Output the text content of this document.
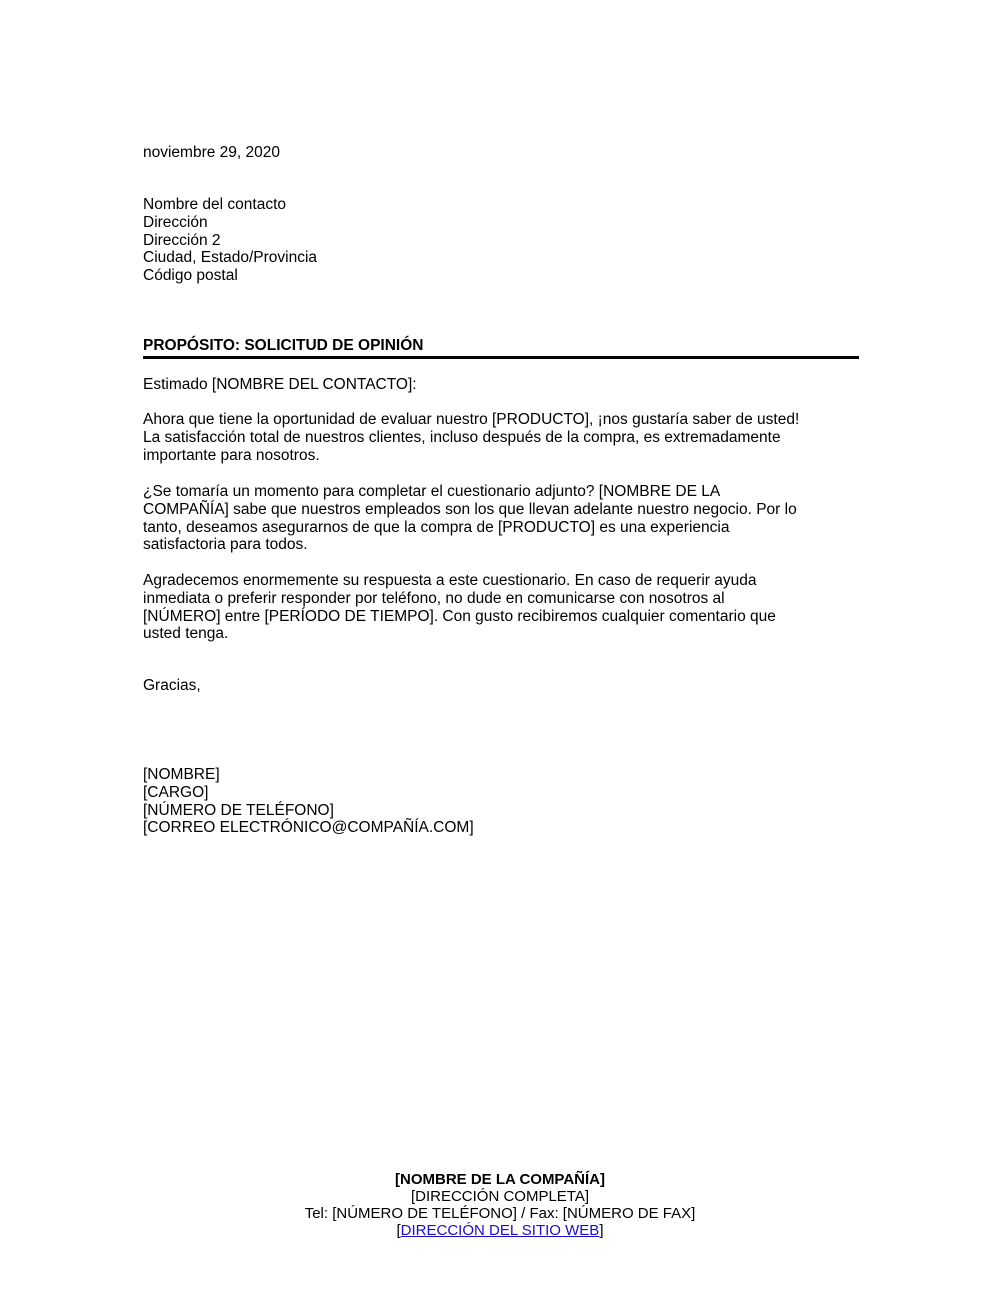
noviembre 29, 2020
Nombre del contacto
Dirección
Dirección 2
Ciudad, Estado/Provincia
Código postal
PROPÓSITO: SOLICITUD DE OPINIÓN
Estimado [NOMBRE DEL CONTACTO]:
Ahora que tiene la oportunidad de evaluar nuestro [PRODUCTO], ¡nos gustaría saber de usted!
La satisfacción total de nuestros clientes, incluso después de la compra, es extremadamente
importante para nosotros.
¿Se tomaría un momento para completar el cuestionario adjunto? [NOMBRE DE LA
COMPAÑÍA] sabe que nuestros empleados son los que llevan adelante nuestro negocio. Por lo
tanto, deseamos asegurarnos de que la compra de [PRODUCTO] es una experiencia
satisfactoria para todos.
Agradecemos enormemente su respuesta a este cuestionario. En caso de requerir ayuda
inmediata o preferir responder por teléfono, no dude en comunicarse con nosotros al
[NÚMERO] entre [PERÍODO DE TIEMPO]. Con gusto recibiremos cualquier comentario que
usted tenga.
Gracias,
[NOMBRE]
[CARGO]
[NÚMERO DE TELÉFONO]
[CORREO ELECTRÓNICO@COMPAÑÍA.COM]
[NOMBRE DE LA COMPAÑÍA]
[DIRECCIÓN COMPLETA]
Tel: [NÚMERO DE TELÉFONO] / Fax: [NÚMERO DE FAX]
[DIRECCIÓN DEL SITIO WEB]
